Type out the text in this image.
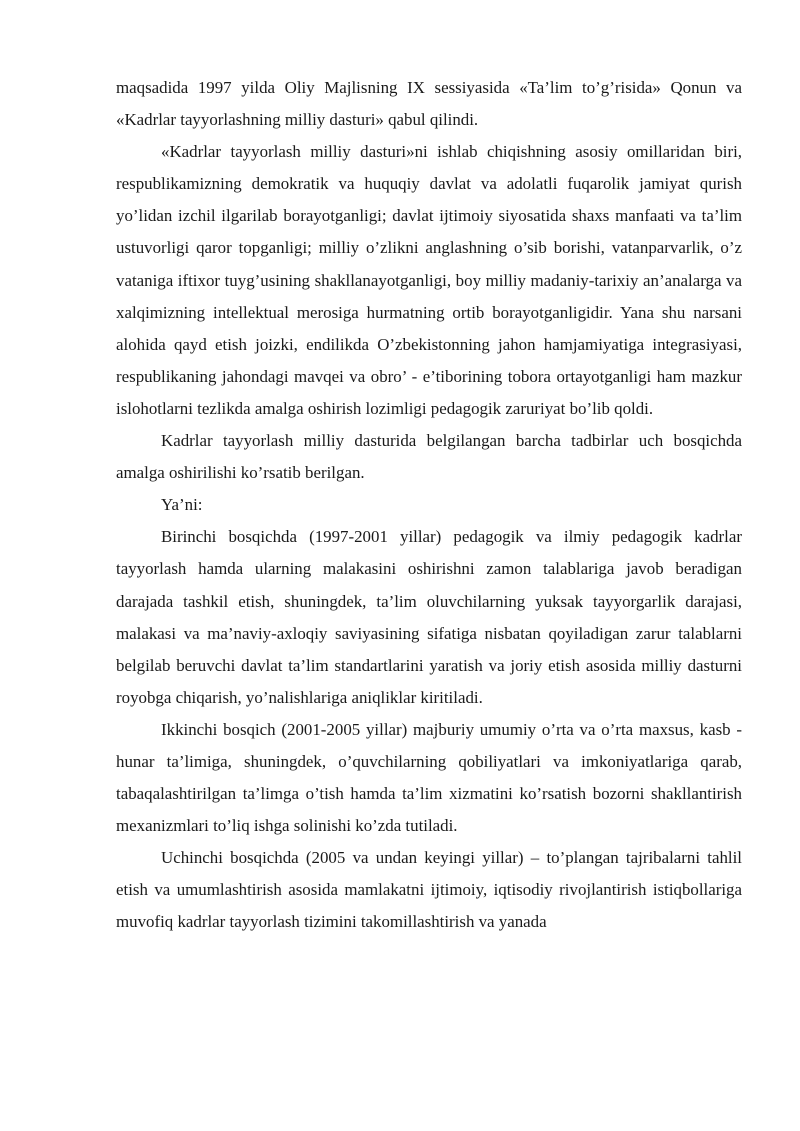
maqsadida 1997 yilda Oliy Majlisning IX sessiyasida «Ta’lim to’g’risida» Qonun va «Kadrlar tayyorlashning milliy dasturi» qabul qilindi.

«Kadrlar tayyorlash milliy dasturi»ni ishlab chiqishning asosiy omillaridan biri, respublikamizning demokratik va huquqiy davlat va adolatli fuqarolik jamiyat qurish yo’lidan izchil ilgarilab borayotganligi; davlat ijtimoiy siyosatida shaxs manfaati va ta’lim ustuvorligi qaror topganligi; milliy o’zlikni anglashning o’sib borishi, vatanparvarlik, o’z vataniga iftixor tuyg’usining shakllanayotganligi, boy milliy madaniy-tarixiy an’analarga va xalqimizning intellektual merosiga hurmatning ortib borayotganligidir. Yana shu narsani alohida qayd etish joizki, endilikda O’zbekistonning jahon hamjamiyatiga integrasiyasi, respublikaning jahondagi mavqei va obro’ - e’tiborining tobora ortayotganligi ham mazkur islohotlarni tezlikda amalga oshirish lozimligi pedagogik zaruriyat bo’lib qoldi.

Kadrlar tayyorlash milliy dasturida belgilangan barcha tadbirlar uch bosqichda amalga oshirilishi ko’rsatib berilgan.

Ya’ni:

Birinchi bosqichda (1997-2001 yillar) pedagogik va ilmiy pedagogik kadrlar tayyorlash hamda ularning malakasini oshirishni zamon talablariga javob beradigan darajada tashkil etish, shuningdek, ta’lim oluvchilarning yuksak tayyorgarlik darajasi, malakasi va ma’naviy-axloqiy saviyasining sifatiga nisbatan qoyiladigan zarur talablarni belgilab beruvchi davlat ta’lim standartlarini yaratish va joriy etish asosida milliy dasturni royobga chiqarish, yo’nalishlariga aniqliklar kiritiladi.

Ikkinchi bosqich (2001-2005 yillar) majburiy umumiy o’rta va o’rta maxsus, kasb -hunar ta’limiga, shuningdek, o’quvchilarning qobiliyatlari va imkoniyatlariga qarab, tabaqalashtirilgan ta’limga o’tish hamda ta’lim xizmatini ko’rsatish bozorni shakllantirish mexanizmlari to’liq ishga solinishi ko’zda tutiladi.

Uchinchi bosqichda (2005 va undan keyingi yillar) – to’plangan tajribalarni tahlil etish va umumlashtirish asosida mamlakatni ijtimoiy, iqtisodiy rivojlantirish istiqbollariga muvofiq kadrlar tayyorlash tizimini takomillashtirish va yanada
